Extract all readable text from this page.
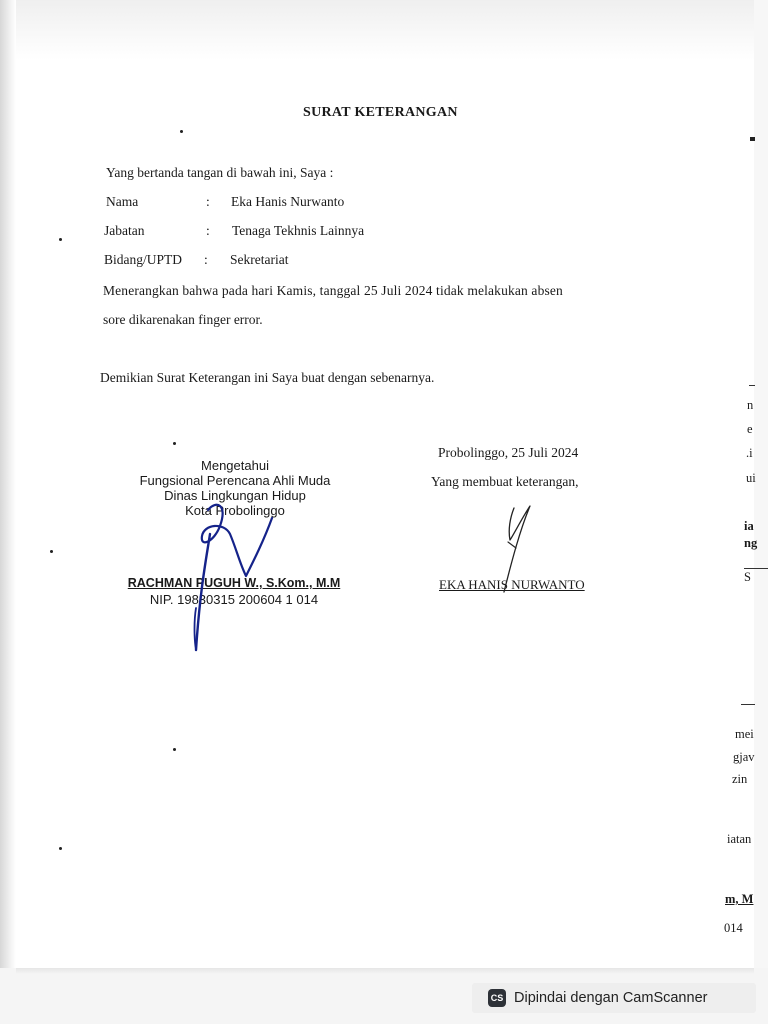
SURAT KETERANGAN
Yang bertanda tangan di bawah ini, Saya :
Nama	: Eka Hanis Nurwanto
Jabatan	: Tenaga Tekhnis Lainnya
Bidang/UPTD : Sekretariat
Menerangkan bahwa pada hari Kamis, tanggal 25 Juli 2024 tidak melakukan absen
sore dikarenakan finger error.
Demikian Surat Keterangan ini Saya buat dengan sebenarnya.
Mengetahui
Fungsional Perencana Ahli Muda
Dinas Lingkungan Hidup
Kota Probolinggo
RACHMAN PUGUH W., S.Kom., M.M
NIP. 19830315 200604 1 014
Probolinggo, 25 Juli 2024
Yang membuat keterangan,
EKA HANIS NURWANTO
n
e
.i
ui
ia
ng
S
mei
gjav
zin
iatan
m, M
014
CS Dipindai dengan CamScanner
